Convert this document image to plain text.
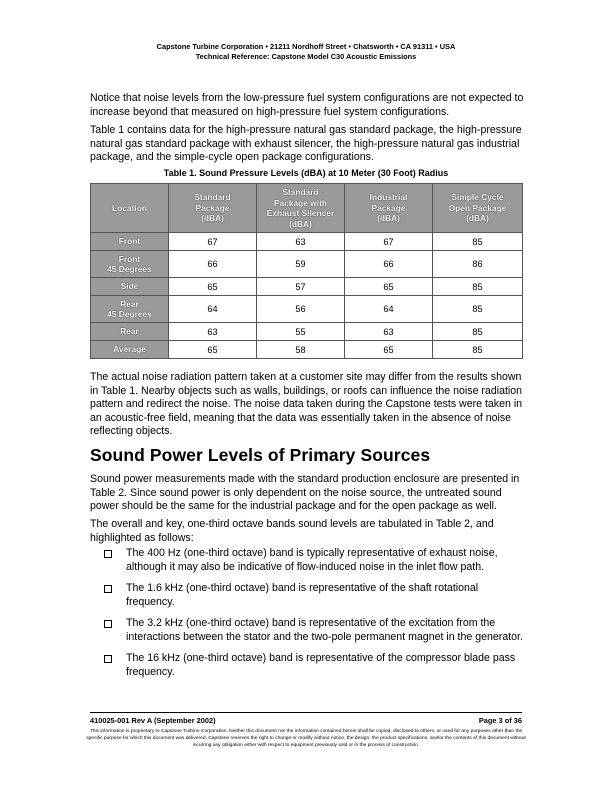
Capstone Turbine Corporation • 21211 Nordhoff Street • Chatsworth • CA 91311 • USA
Technical Reference: Capstone Model C30 Acoustic Emissions
Notice that noise levels from the low-pressure fuel system configurations are not expected to increase beyond that measured on high-pressure fuel system configurations.
Table 1 contains data for the high-pressure natural gas standard package, the high-pressure natural gas standard package with exhaust silencer, the high-pressure natural gas industrial package, and the simple-cycle open package configurations.
Table 1. Sound Pressure Levels (dBA) at 10 Meter (30 Foot) Radius
Location	Standard
Package
(dBA)	Standard
Package with
Exhaust Silencer
(dBA)	Industrial
Package
(dBA)	Simple Cycle
Open Package
(dBA)
Front	67	63	67	85
Front
45 Degrees	66	59	66	86
Side	65	57	65	85
Rear
45 Degrees	64	56	64	85
Rear	63	55	63	85
Average	65	58	65	85
The actual noise radiation pattern taken at a customer site may differ from the results shown in Table 1. Nearby objects such as walls, buildings, or roofs can influence the noise radiation pattern and redirect the noise. The noise data taken during the Capstone tests were taken in an acoustic-free field, meaning that the data was essentially taken in the absence of noise reflecting objects.
Sound Power Levels of Primary Sources
Sound power measurements made with the standard production enclosure are presented in Table 2. Since sound power is only dependent on the noise source, the untreated sound power should be the same for the industrial package and for the open package as well.
The overall and key, one-third octave bands sound levels are tabulated in Table 2, and highlighted as follows:
The 400 Hz (one-third octave) band is typically representative of exhaust noise, although it may also be indicative of flow-induced noise in the inlet flow path.
The 1.6 kHz (one-third octave) band is representative of the shaft rotational frequency.
The 3.2 kHz (one-third octave) band is representative of the excitation from the interactions between the stator and the two-pole permanent magnet in the generator.
The 16 kHz (one-third octave) band is representative of the compressor blade pass frequency.
410025-001 Rev A (September 2002)	Page 3 of 36
This information is proprietary to Capstone Turbine Corporation. Neither this document nor the information contained herein shall be copied, disclosed to others, or used for any purposes other than the specific purpose for which this document was delivered. Capstone reserves the right to change or modify without notice, the design, the product specifications, and/or the contents of this document without incurring any obligation either with respect to equipment previously sold or in the process of construction.
